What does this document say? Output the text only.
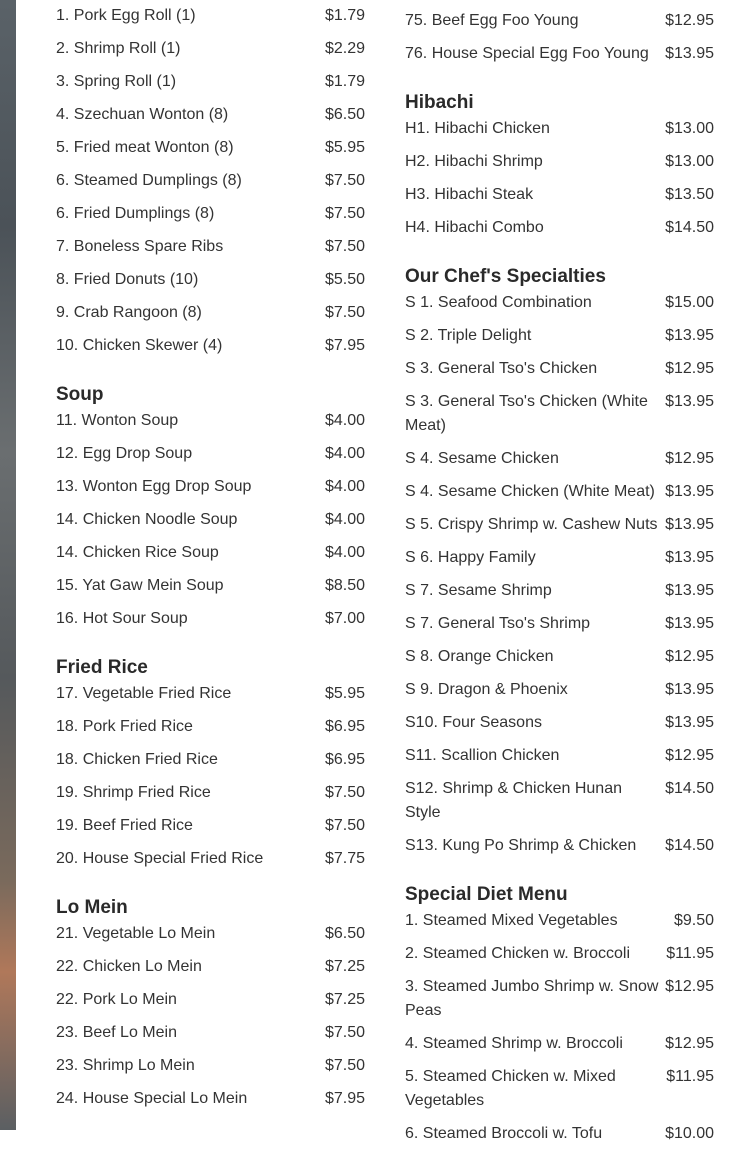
1. Pork Egg Roll (1)	$1.79
2. Shrimp Roll (1)	$2.29
3. Spring Roll (1)	$1.79
4. Szechuan Wonton (8)	$6.50
5. Fried meat Wonton (8)	$5.95
6. Steamed Dumplings (8)	$7.50
6. Fried Dumplings (8)	$7.50
7. Boneless Spare Ribs	$7.50
8. Fried Donuts (10)	$5.50
9. Crab Rangoon (8)	$7.50
10. Chicken Skewer (4)	$7.95
Soup
11. Wonton Soup	$4.00
12. Egg Drop Soup	$4.00
13. Wonton Egg Drop Soup	$4.00
14. Chicken Noodle Soup	$4.00
14. Chicken Rice Soup	$4.00
15. Yat Gaw Mein Soup	$8.50
16. Hot Sour Soup	$7.00
Fried Rice
17. Vegetable Fried Rice	$5.95
18. Pork Fried Rice	$6.95
18. Chicken Fried Rice	$6.95
19. Shrimp Fried Rice	$7.50
19. Beef Fried Rice	$7.50
20. House Special Fried Rice	$7.75
Lo Mein
21. Vegetable Lo Mein	$6.50
22. Chicken Lo Mein	$7.25
22. Pork Lo Mein	$7.25
23. Beef Lo Mein	$7.50
23. Shrimp Lo Mein	$7.50
24. House Special Lo Mein	$7.95
75. Beef Egg Foo Young	$12.95
76. House Special Egg Foo Young	$13.95
Hibachi
H1. Hibachi Chicken	$13.00
H2. Hibachi Shrimp	$13.00
H3. Hibachi Steak	$13.50
H4. Hibachi Combo	$14.50
Our Chef's Specialties
S 1. Seafood Combination	$15.00
S 2. Triple Delight	$13.95
S 3. General Tso's Chicken	$12.95
S 3. General Tso's Chicken (White Meat)
$13.95
S 4. Sesame Chicken	$12.95
S 4. Sesame Chicken (White Meat) $13.95
S 5. Crispy Shrimp w. Cashew Nuts $13.95
S 6. Happy Family	$13.95
S 7. Sesame Shrimp	$13.95
S 7. General Tso's Shrimp	$13.95
S 8. Orange Chicken	$12.95
S 9. Dragon & Phoenix	$13.95
S10. Four Seasons	$13.95
S11. Scallion Chicken	$12.95
S12. Shrimp & Chicken Hunan Style
$14.50
S13. Kung Po Shrimp & Chicken	$14.50
Special Diet Menu
1. Steamed Mixed Vegetables	$9.50
2. Steamed Chicken w. Broccoli	$11.95
3. Steamed Jumbo Shrimp w. Snow Peas
$12.95
4. Steamed Shrimp w. Broccoli	$12.95
5. Steamed Chicken w. Mixed Vegetables
$11.95
6. Steamed Broccoli w. Tofu	$10.00
